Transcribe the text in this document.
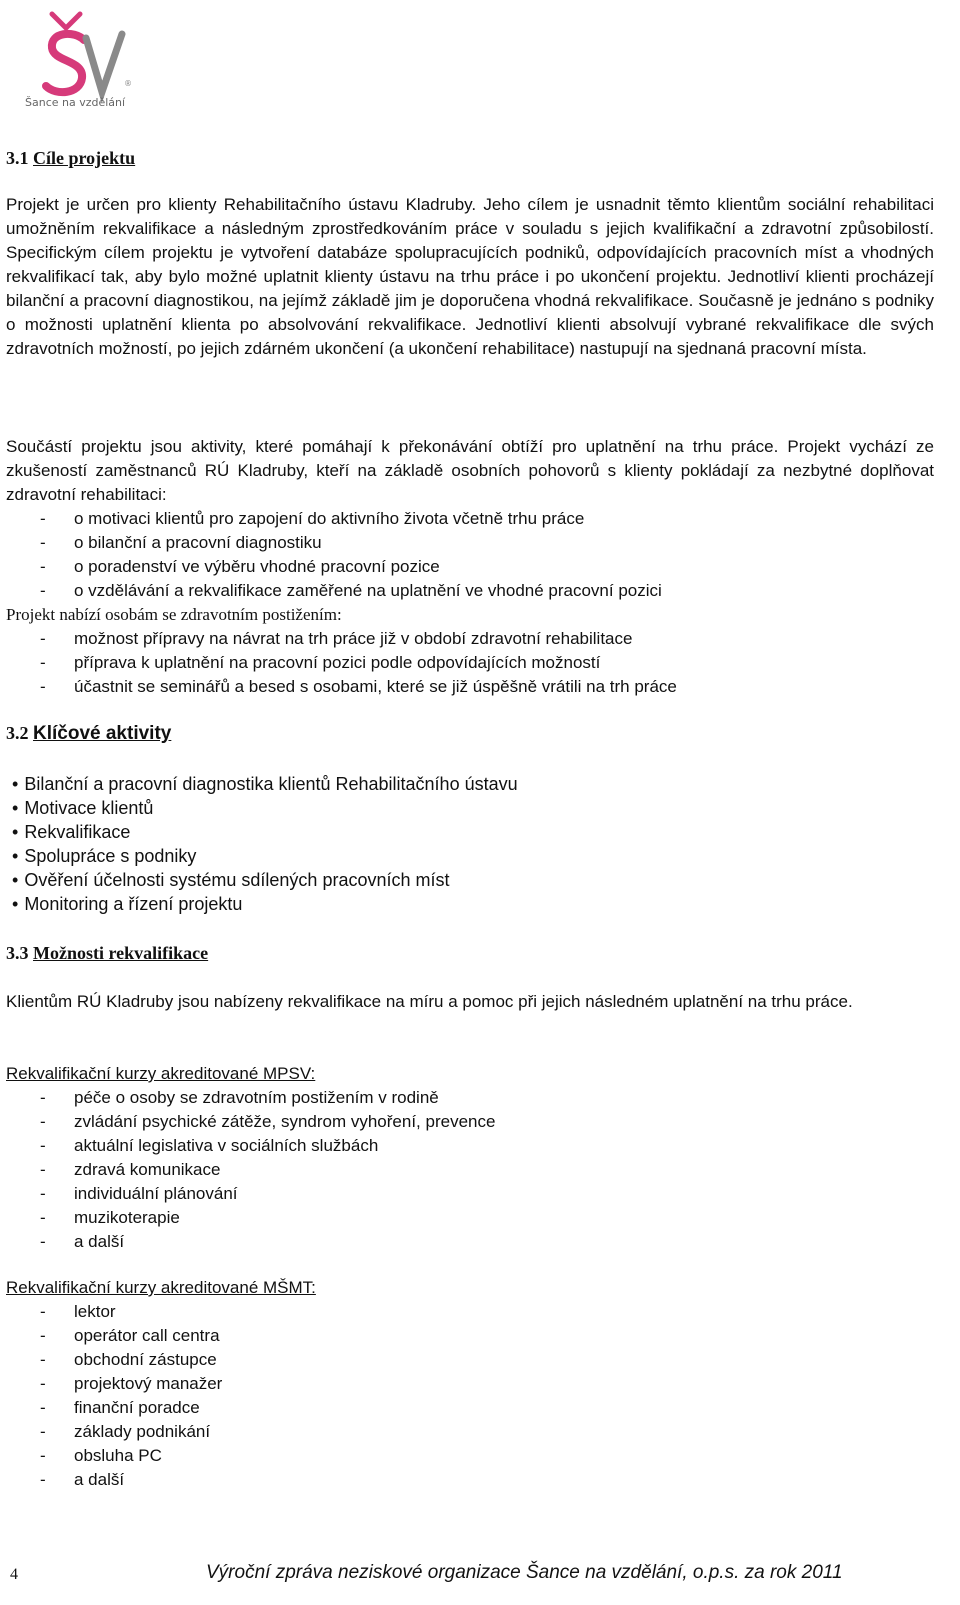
®
Šance na vzdělání
3.1 Cíle projektu

Projekt je určen pro klienty Rehabilitačního ústavu Kladruby. Jeho cílem je usnadnit těmto klientům sociální rehabilitaci umožněním rekvalifikace a následným zprostředkováním práce v souladu s jejich kvalifikační a zdravotní způsobilostí. Specifickým cílem projektu je vytvoření databáze spolupracujících podniků, odpovídajících pracovních míst a vhodných rekvalifikací tak, aby bylo možné uplatnit klienty ústavu na trhu práce i po ukončení projektu. Jednotliví klienti procházejí bilanční a pracovní diagnostikou, na jejímž základě jim je doporučena vhodná rekvalifikace. Současně je jednáno s podniky o možnosti uplatnění klienta po absolvování rekvalifikace. Jednotliví klienti absolvují vybrané rekvalifikace dle svých zdravotních možností, po jejich zdárném ukončení (a ukončení rehabilitace) nastupují na sjednaná pracovní místa.

Součástí projektu jsou aktivity, které pomáhají k překonávání obtíží pro uplatnění na trhu práce. Projekt vychází ze zkušeností zaměstnanců RÚ Kladruby, kteří na základě osobních pohovorů s klienty pokládají za nezbytné doplňovat zdravotní rehabilitaci:

- o motivaci klientů pro zapojení do aktivního života včetně trhu práce
- o bilanční a pracovní diagnostiku
- o poradenství ve výběru vhodné pracovní pozice
- o vzdělávání a rekvalifikace zaměřené na uplatnění ve vhodné pracovní pozici

Projekt nabízí osobám se zdravotním postižením:

- možnost přípravy na návrat na trh práce již v období zdravotní rehabilitace
- příprava k uplatnění na pracovní pozici podle odpovídajících možností
- účastnit se seminářů a besed s osobami, které se již úspěšně vrátili na trh práce
3.2 Klíčové aktivity
• Bilanční a pracovní diagnostika klientů Rehabilitačního ústavu
• Motivace klientů
• Rekvalifikace
• Spolupráce s podniky
• Ověření účelnosti systému sdílených pracovních míst
• Monitoring a řízení projektu
3.3 Možnosti rekvalifikace

Klientům RÚ Kladruby jsou nabízeny rekvalifikace na míru a pomoc při jejich následném uplatnění na trhu práce.

Rekvalifikační kurzy akreditované MPSV:
- péče o osoby se zdravotním postižením v rodině
- zvládání psychické zátěže, syndrom vyhoření, prevence
- aktuální legislativa v sociálních službách
- zdravá komunikace
- individuální plánování
- muzikoterapie
- a další
Rekvalifikační kurzy akreditované MŠMT:
- lektor
- operátor call centra
- obchodní zástupce
- projektový manažer
- finanční poradce
- základy podnikání
- obsluha PC
- a další
4	Výroční zpráva neziskové organizace Šance na vzdělání, o.p.s. za rok 2011
